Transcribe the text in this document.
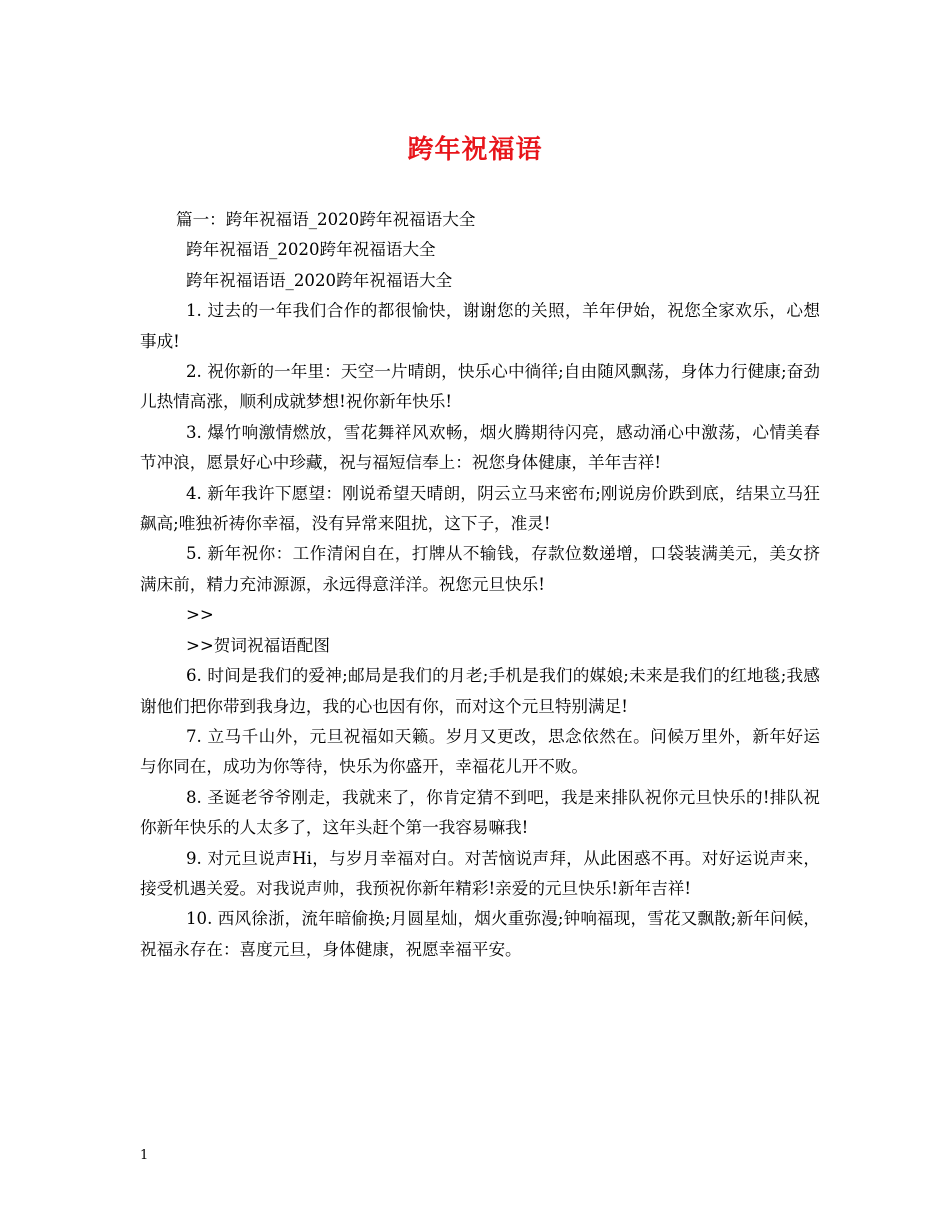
跨年祝福语

篇一：跨年祝福语_2020跨年祝福语大全

跨年祝福语_2020跨年祝福语大全

跨年祝福语语_2020跨年祝福语大全

1. 过去的一年我们合作的都很愉快，谢谢您的关照，羊年伊始，祝您全家欢乐，心想事成!

2. 祝你新的一年里：天空一片晴朗，快乐心中徜徉;自由随风飘荡，身体力行健康;奋劲儿热情高涨，顺利成就梦想!祝你新年快乐!

3. 爆竹响激情燃放，雪花舞祥风欢畅，烟火腾期待闪亮，感动涌心中激荡，心情美春节冲浪，愿景好心中珍藏，祝与福短信奉上：祝您身体健康，羊年吉祥!

4. 新年我许下愿望：刚说希望天晴朗，阴云立马来密布;刚说房价跌到底，结果立马狂飙高;唯独祈祷你幸福，没有异常来阻扰，这下子，准灵!

5. 新年祝你：工作清闲自在，打牌从不输钱，存款位数递增，口袋装满美元，美女挤满床前，精力充沛源源，永远得意洋洋。祝您元旦快乐!

>>

>>贺词祝福语配图

6. 时间是我们的爱神;邮局是我们的月老;手机是我们的媒娘;未来是我们的红地毯;我感谢他们把你带到我身边，我的心也因有你，而对这个元旦特别满足!

7. 立马千山外，元旦祝福如天籁。岁月又更改，思念依然在。问候万里外，新年好运与你同在，成功为你等待，快乐为你盛开，幸福花儿开不败。

8. 圣诞老爷爷刚走，我就来了，你肯定猜不到吧，我是来排队祝你元旦快乐的!排队祝你新年快乐的人太多了，这年头赶个第一我容易嘛我!

9. 对元旦说声Hi，与岁月幸福对白。对苦恼说声拜，从此困惑不再。对好运说声来，接受机遇关爱。对我说声帅，我预祝你新年精彩!亲爱的元旦快乐!新年吉祥!

10. 西风徐浙，流年暗偷换;月圆星灿，烟火重弥漫;钟响福现，雪花又飘散;新年问候，祝福永存在：喜度元旦，身体健康，祝愿幸福平安。

1
